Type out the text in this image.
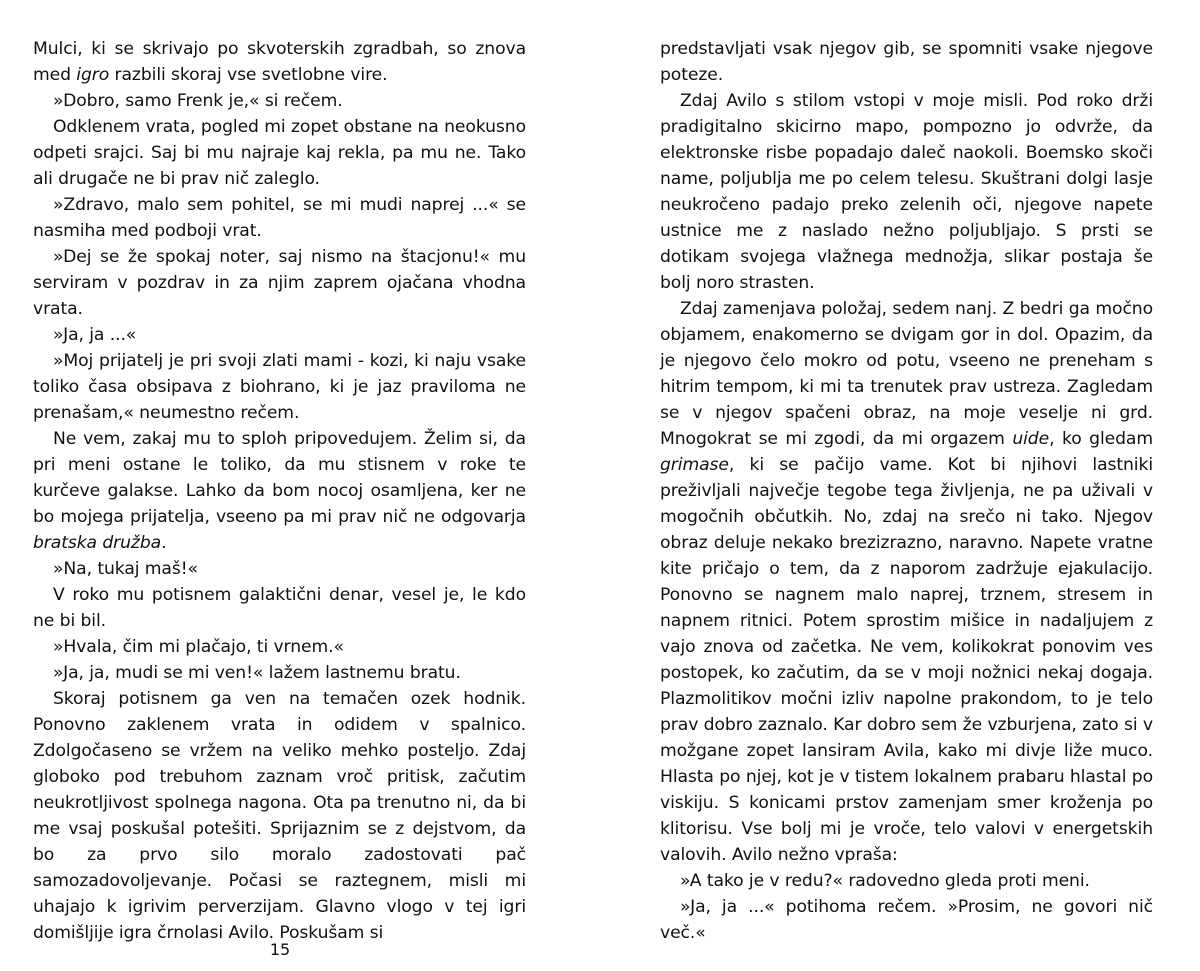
Mulci, ki se skrivajo po skvoterskih zgradbah, so znova med igro razbili skoraj vse svetlobne vire.

»Dobro, samo Frenk je,« si rečem.

Odklenem vrata, pogled mi zopet obstane na neokusno odpeti srajci. Saj bi mu najraje kaj rekla, pa mu ne. Tako ali drugače ne bi prav nič zaleglo.

»Zdravo, malo sem pohitel, se mi mudi naprej ...« se nasmiha med podboji vrat.

»Dej se že spokaj noter, saj nismo na štacjonu!« mu serviram v pozdrav in za njim zaprem ojačana vhodna vrata.

»Ja, ja ...«

»Moj prijatelj je pri svoji zlati mami - kozi, ki naju vsake toliko časa obsipava z biohrano, ki je jaz praviloma ne prenašam,« neumestno rečem.

Ne vem, zakaj mu to sploh pripovedujem. Želim si, da pri meni ostane le toliko, da mu stisnem v roke te kurčeve galakse. Lahko da bom nocoj osamljena, ker ne bo mojega prijatelja, vseeno pa mi prav nič ne odgovarja bratska družba.

»Na, tukaj maš!«

V roko mu potisnem galaktični denar, vesel je, le kdo ne bi bil.

»Hvala, čim mi plačajo, ti vrnem.«

»Ja, ja, mudi se mi ven!« lažem lastnemu bratu.

Skoraj potisnem ga ven na temačen ozek hodnik. Ponovno zaklenem vrata in odidem v spalnico. Zdolgočaseno se vržem na veliko mehko posteljo. Zdaj globoko pod trebuhom zaznam vroč pritisk, začutim neukrotljivost spolnega nagona. Ota pa trenutno ni, da bi me vsaj poskušal potešiti. Sprijaznim se z dejstvom, da bo za prvo silo moralo zadostovati pač samozadovoljevanje. Počasi se raztegnem, misli mi uhajajo k igrivim perverzijam. Glavno vlogo v tej igri domišljije igra črnolasi Avilo. Poskušam si

predstavljati vsak njegov gib, se spomniti vsake njegove poteze.

Zdaj Avilo s stilom vstopi v moje misli. Pod roko drži pradigitalno skicirno mapo, pompozno jo odvrže, da elektronske risbe popadajo daleč naokoli. Boemsko skoči name, poljublja me po celem telesu. Skuštrani dolgi lasje neukročeno padajo preko zelenih oči, njegove napete ustnice me z naslado nežno poljubljajo. S prsti se dotikam svojega vlažnega mednožja, slikar postaja še bolj noro strasten.

Zdaj zamenjava položaj, sedem nanj. Z bedri ga močno objamem, enakomerno se dvigam gor in dol. Opazim, da je njegovo čelo mokro od potu, vseeno ne preneham s hitrim tempom, ki mi ta trenutek prav ustreza. Zagledam se v njegov spačeni obraz, na moje veselje ni grd. Mnogokrat se mi zgodi, da mi orgazem uide, ko gledam grimase, ki se pačijo vame. Kot bi njihovi lastniki preživljali največje tegobe tega življenja, ne pa uživali v mogočnih občutkih. No, zdaj na srečo ni tako. Njegov obraz deluje nekako brezizrazno, naravno. Napete vratne kite pričajo o tem, da z naporom zadržuje ejakulacijo. Ponovno se nagnem malo naprej, trznem, stresem in napnem ritnici. Potem sprostim mišice in nadaljujem z vajo znova od začetka. Ne vem, kolikokrat ponovim ves postopek, ko začutim, da se v moji nožnici nekaj dogaja. Plazmolitikov močni izliv napolne prakondom, to je telo prav dobro zaznalo. Kar dobro sem že vzburjena, zato si v možgane zopet lansiram Avila, kako mi divje liže muco. Hlasta po njej, kot je v tistem lokalnem prabaru hlastal po viskiju. S konicami prstov zamenjam smer kroženja po klitorisu. Vse bolj mi je vroče, telo valovi v energetskih valovih. Avilo nežno vpraša:

»A tako je v redu?« radovedno gleda proti meni.

»Ja, ja ...« potihoma rečem. »Prosim, ne govori nič več.«

15
